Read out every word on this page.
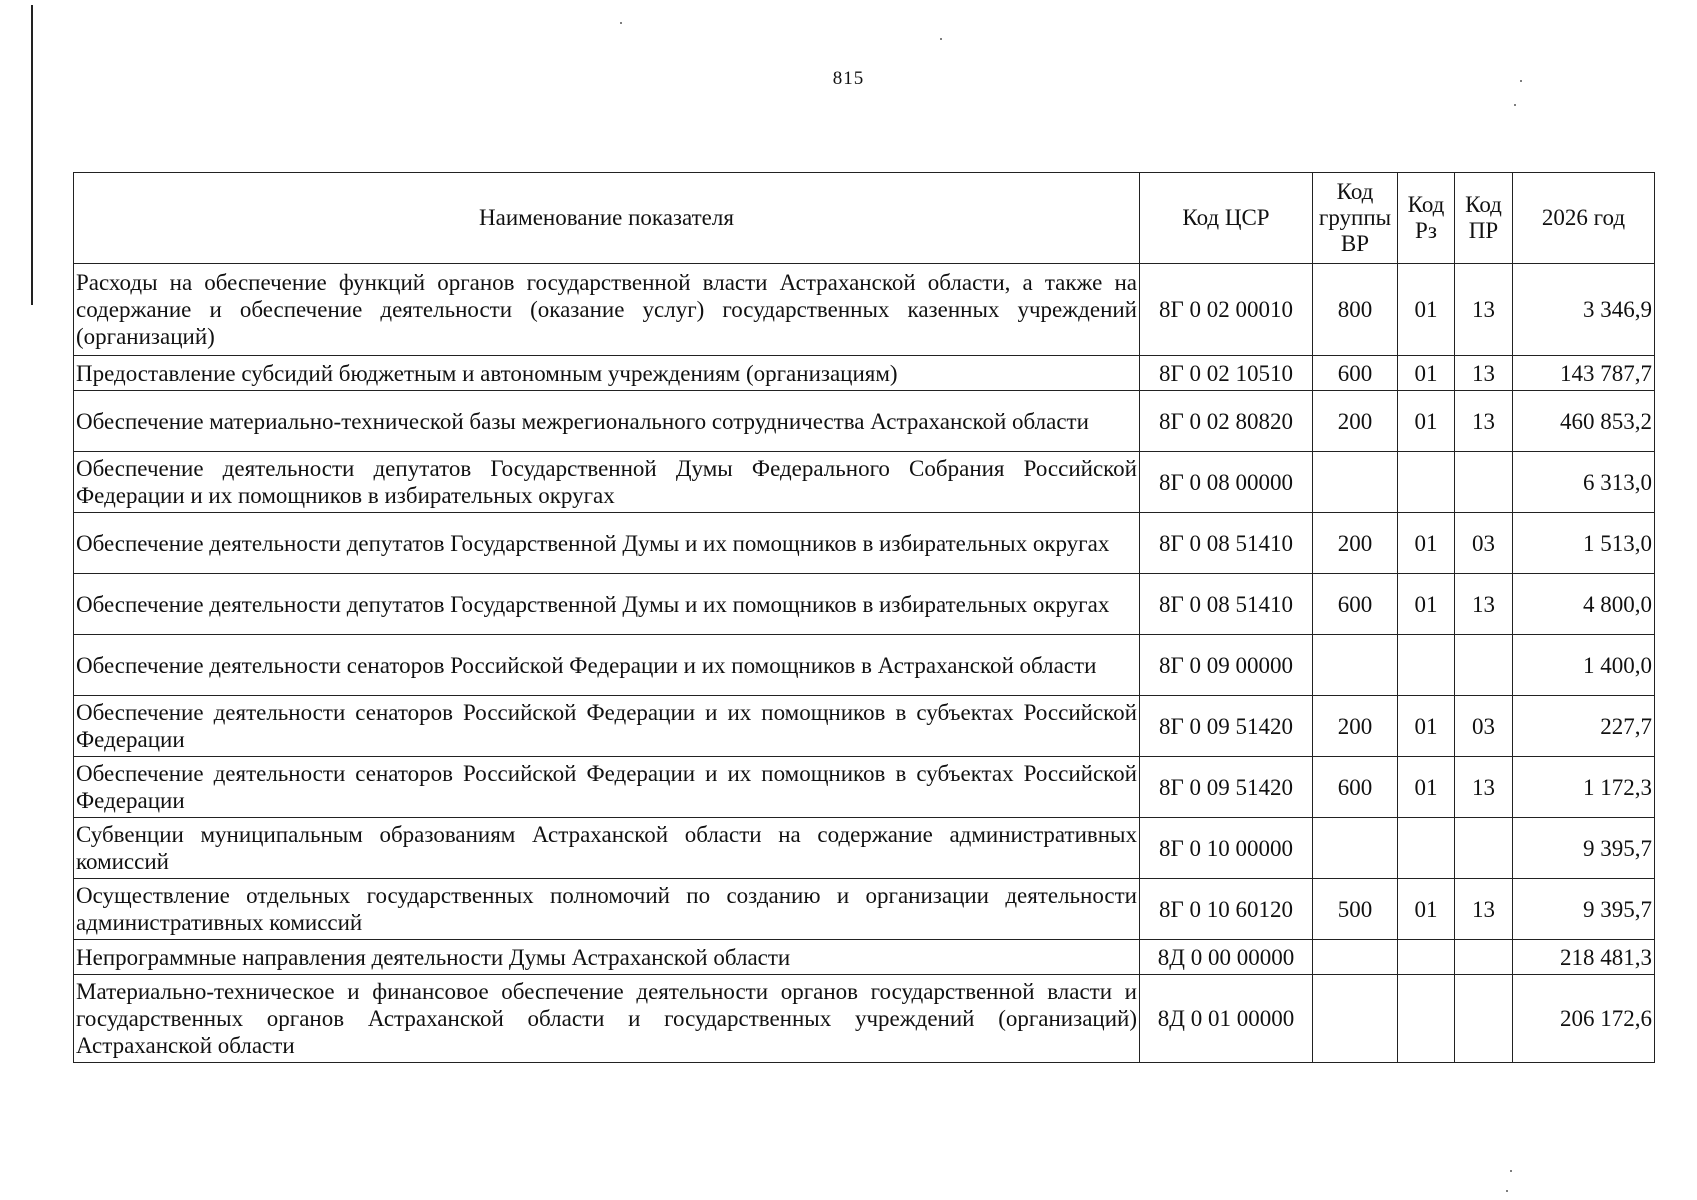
815
Наименование показателя	Код ЦСР	Код группы ВР	Код Рз	Код ПР	2026 год
Расходы на обеспечение функций органов государственной власти Астраханской области, а также на содержание и обеспечение деятельности (оказание услуг) государственных казенных учреждений (организаций)	8Г 0 02 00010	800	01	13	3 346,9
Предоставление субсидий бюджетным и автономным учреждениям (организациям)	8Г 0 02 10510	600	01	13	143 787,7
Обеспечение материально-технической базы межрегионального сотрудничества Астраханской области	8Г 0 02 80820	200	01	13	460 853,2
Обеспечение деятельности депутатов Государственной Думы Федерального Собрания Российской Федерации и их помощников в избирательных округах	8Г 0 08 00000				6 313,0
Обеспечение деятельности депутатов Государственной Думы и их помощников в избирательных округах	8Г 0 08 51410	200	01	03	1 513,0
Обеспечение деятельности депутатов Государственной Думы и их помощников в избирательных округах	8Г 0 08 51410	600	01	13	4 800,0
Обеспечение деятельности сенаторов Российской Федерации и их помощников в Астраханской области	8Г 0 09 00000				1 400,0
Обеспечение деятельности сенаторов Российской Федерации и их помощников в субъектах Российской Федерации	8Г 0 09 51420	200	01	03	227,7
Обеспечение деятельности сенаторов Российской Федерации и их помощников в субъектах Российской Федерации	8Г 0 09 51420	600	01	13	1 172,3
Субвенции муниципальным образованиям Астраханской области на содержание административных комиссий	8Г 0 10 00000				9 395,7
Осуществление отдельных государственных полномочий по созданию и организации деятельности административных комиссий	8Г 0 10 60120	500	01	13	9 395,7
Непрограммные направления деятельности Думы Астраханской области	8Д 0 00 00000				218 481,3
Материально-техническое и финансовое обеспечение деятельности органов государственной власти и государственных органов Астраханской области и государственных учреждений (организаций) Астраханской области	8Д 0 01 00000				206 172,6
